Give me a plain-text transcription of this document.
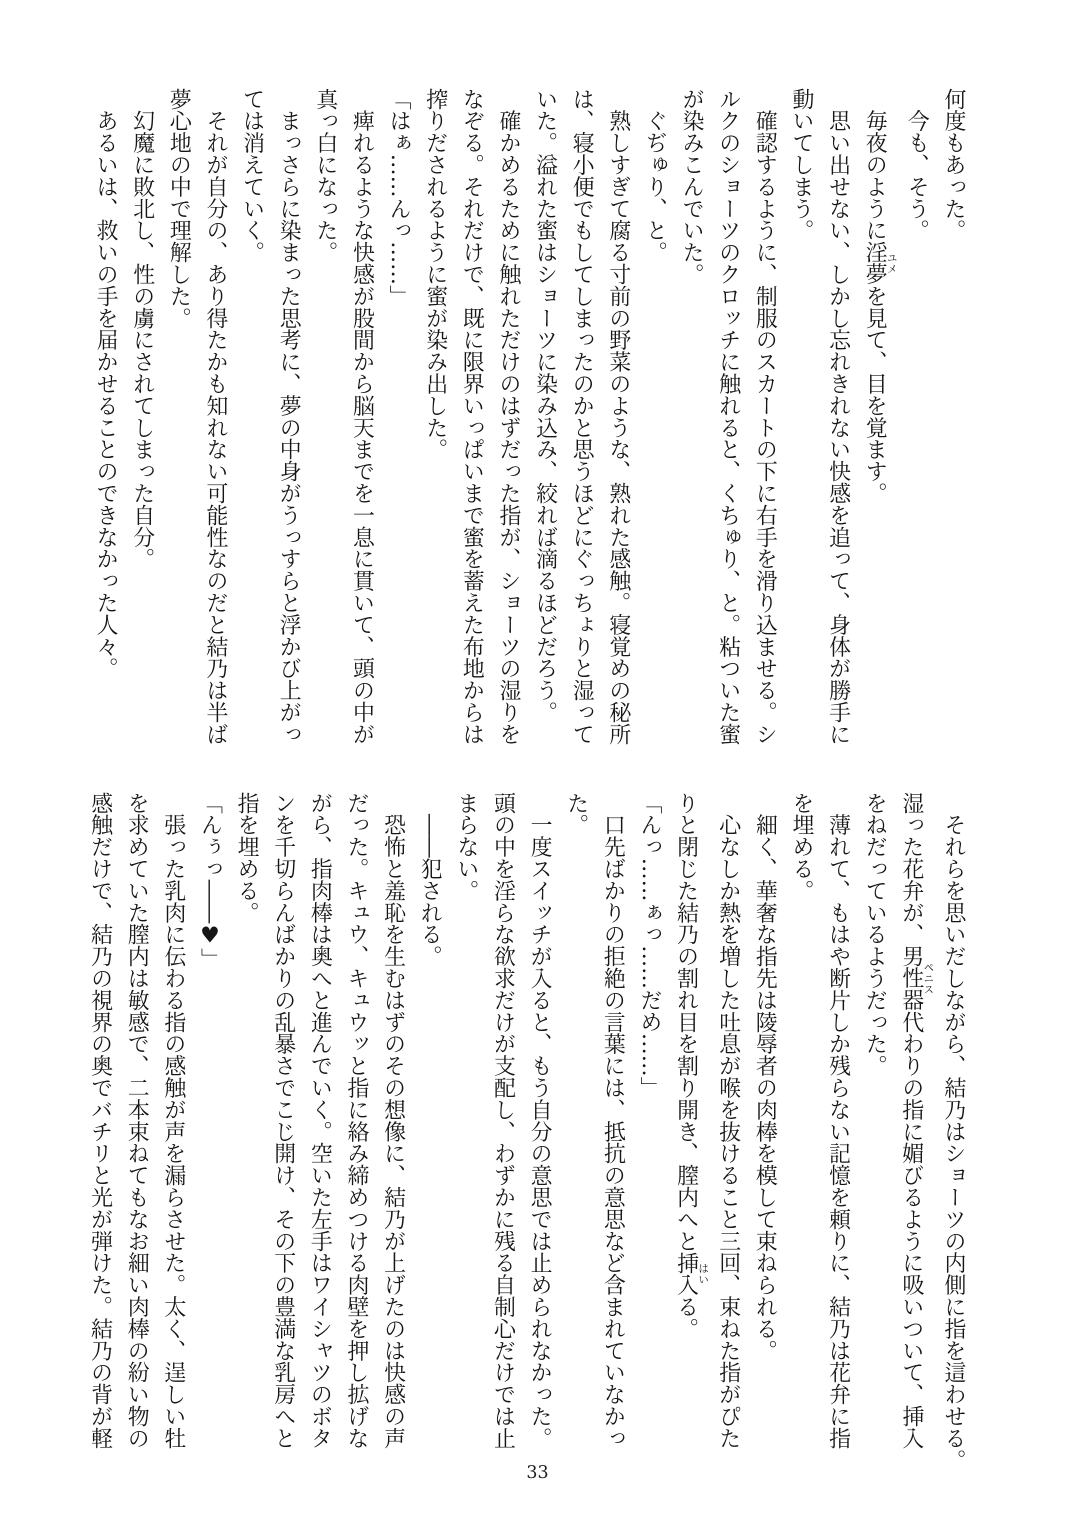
何度もあった。
　今も、そう。
　毎夜のように淫夢ユメを見て、目を覚ます。
　思い出せない、しかし忘れきれない快感を追って、身体が勝手に
動いてしまう。
　確認するように、制服のスカートの下に右手を滑り込ませる。シ
ルクのショーツのクロッチに触れると、くちゅり、と。粘ついた蜜
が染みこんでいた。
　ぐぢゅり、と。
　熟しすぎて腐る寸前の野菜のような、熟れた感触。寝覚めの秘所
は、寝小便でもしてしまったのかと思うほどにぐっちょりと湿って
いた。溢れた蜜はショーツに染み込み、絞れば滴るほどだろう。
　確かめるために触れただけのはずだった指が、ショーツの湿りを
なぞる。それだけで、既に限界いっぱいまで蜜を蓄えた布地からは
搾りだされるように蜜が染み出した。
「はぁ……んっ……」
　痺れるような快感が股間から脳天までを一息に貫いて、頭の中が
真っ白になった。
　まっさらに染まった思考に、夢の中身がうっすらと浮かび上がっ
ては消えていく。
　それが自分の、あり得たかも知れない可能性なのだと結乃は半ば
夢心地の中で理解した。
　幻魔に敗北し、性の虜にされてしまった自分。
　あるいは、救いの手を届かせることのできなかった人々。
　それらを思いだしながら、結乃はショーツの内側に指を這わせる。
湿った花弁が、男性器ペニス代わりの指に媚びるように吸いついて、挿入
をねだっているようだった。
　薄れて、もはや断片しか残らない記憶を頼りに、結乃は花弁に指
を埋める。
　細く、華奢な指先は陵辱者の肉棒を模して束ねられる。
　心なしか熱を増した吐息が喉を抜けること三回、束ねた指がぴた
りと閉じた結乃の割れ目を割り開き、膣内へと挿入はいる。
「んっ……ぁっ……だめ……」
　口先ばかりの拒絶の言葉には、抵抗の意思など含まれていなかっ
た。
　一度スイッチが入ると、もう自分の意思では止められなかった。
頭の中を淫らな欲求だけが支配し、わずかに残る自制心だけでは止
まらない。
　――犯される。
　恐怖と羞恥を生むはずのその想像に、結乃が上げたのは快感の声
だった。キュウ、キュウッと指に絡み締めつける肉壁を押し拡げな
がら、指肉棒は奥へと進んでいく。空いた左手はワイシャツのボタ
ンを千切らんばかりの乱暴さでこじ開け、その下の豊満な乳房へと
指を埋める。
「んぅっ――♥」
　張った乳肉に伝わる指の感触が声を漏らさせた。太く、逞しい牡
を求めていた膣内は敏感で、二本束ねてもなお細い肉棒の紛い物の
感触だけで、結乃の視界の奥でバチリと光が弾けた。結乃の背が軽
33
